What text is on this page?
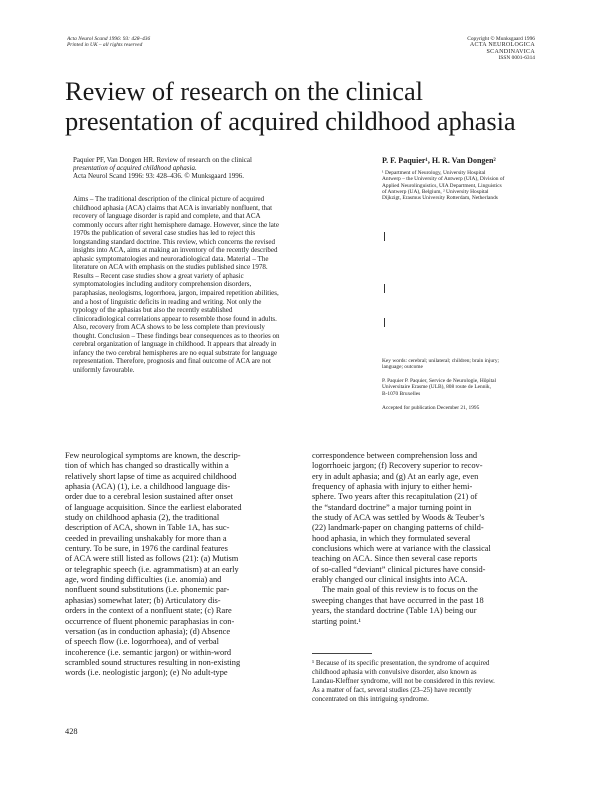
Acta Neurol Scand 1996: 93: 428–436
Printed in UK – all rights reserved
Copyright © Munksgaard 1996
ACTA NEUROLOGICA
SCANDINAVICA
ISSN 0001-6314
Review of research on the clinical
presentation of acquired childhood aphasia
Paquier PF, Van Dongen HR. Review of research on the clinical
presentation of acquired childhood aphasia.
Acta Neurol Scand 1996: 93: 428–436. © Munksgaard 1996.
P. F. Paquier¹, H. R. Van Dongen²
¹ Department of Neurology, University Hospital
Antwerp – the University of Antwerp (UIA), Division of
Applied Neurolinguistics, UIA Department, Linguistics
of Antwerp (UA), Belgium, ² University Hospital
Dijkzigt, Erasmus University Rotterdam, Netherlands
Aims – The traditional description of the clinical picture of acquired
childhood aphasia (ACA) claims that ACA is invariably nonfluent, that
recovery of language disorder is rapid and complete, and that ACA
commonly occurs after right hemisphere damage. However, since the late
1970s the publication of several case studies has led to reject this
longstanding standard doctrine. This review, which concerns the revised
insights into ACA, aims at making an inventory of the recently described
aphasic symptomatologies and neuroradiological data. Material – The
literature on ACA with emphasis on the studies published since 1978.
Results – Recent case studies show a great variety of aphasic
symptomatologies including auditory comprehension disorders,
paraphasias, neologisms, logorrhoea, jargon, impaired repetition abilities,
and a host of linguistic deficits in reading and writing. Not only the
typology of the aphasias but also the recently established
clinicoradiological correlations appear to resemble those found in adults.
Also, recovery from ACA shows to be less complete than previously
thought. Conclusion – These findings bear consequences as to theories on
cerebral organization of language in childhood. It appears that already in
infancy the two cerebral hemispheres are no equal substrate for language
representation. Therefore, prognosis and final outcome of ACA are not
uniformly favourable.
Key words: cerebral; unilateral; children; brain injury;
language; outcome
P. Paquier P. Paquier, Service de Neurologie, Hôpital
Universitaire Erasme (ULB), 808 route de Lennik,
B-1070 Bruxelles
Accepted for publication December 21, 1995
Few neurological symptoms are known, the descrip-
tion of which has changed so drastically within a
relatively short lapse of time as acquired childhood
aphasia (ACA) (1), i.e. a childhood language dis-
order due to a cerebral lesion sustained after onset
of language acquisition. Since the earliest elaborated
study on childhood aphasia (2), the traditional
description of ACA, shown in Table 1A, has suc-
ceeded in prevailing unshakably for more than a
century. To be sure, in 1976 the cardinal features
of ACA were still listed as follows (21): (a) Mutism
or telegraphic speech (i.e. agrammatism) at an early
age, word finding difficulties (i.e. anomia) and
nonfluent sound substitutions (i.e. phonemic par-
aphasias) somewhat later; (b) Articulatory dis-
orders in the context of a nonfluent state; (c) Rare
occurrence of fluent phonemic paraphasias in con-
versation (as in conduction aphasia); (d) Absence
of speech flow (i.e. logorrhoea), and of verbal
incoherence (i.e. semantic jargon) or within-word
scrambled sound structures resulting in non-existing
words (i.e. neologistic jargon); (e) No adult-type
correspondence between comprehension loss and
logorrhoeic jargon; (f) Recovery superior to recov-
ery in adult aphasia; and (g) At an early age, even
frequency of aphasia with injury to either hemi-
sphere. Two years after this recapitulation (21) of
the “standard doctrine” a major turning point in
the study of ACA was settled by Woods & Teuber’s
(22) landmark-paper on changing patterns of child-
hood aphasia, in which they formulated several
conclusions which were at variance with the classical
teaching on ACA. Since then several case reports
of so-called “deviant” clinical pictures have consid-
erably changed our clinical insights into ACA.
The main goal of this review is to focus on the
sweeping changes that have occurred in the past 18
years, the standard doctrine (Table 1A) being our
starting point.¹
¹ Because of its specific presentation, the syndrome of acquired
childhood aphasia with convulsive disorder, also known as
Landau-Kleffner syndrome, will not be considered in this review.
As a matter of fact, several studies (23–25) have recently
concentrated on this intriguing syndrome.
428
